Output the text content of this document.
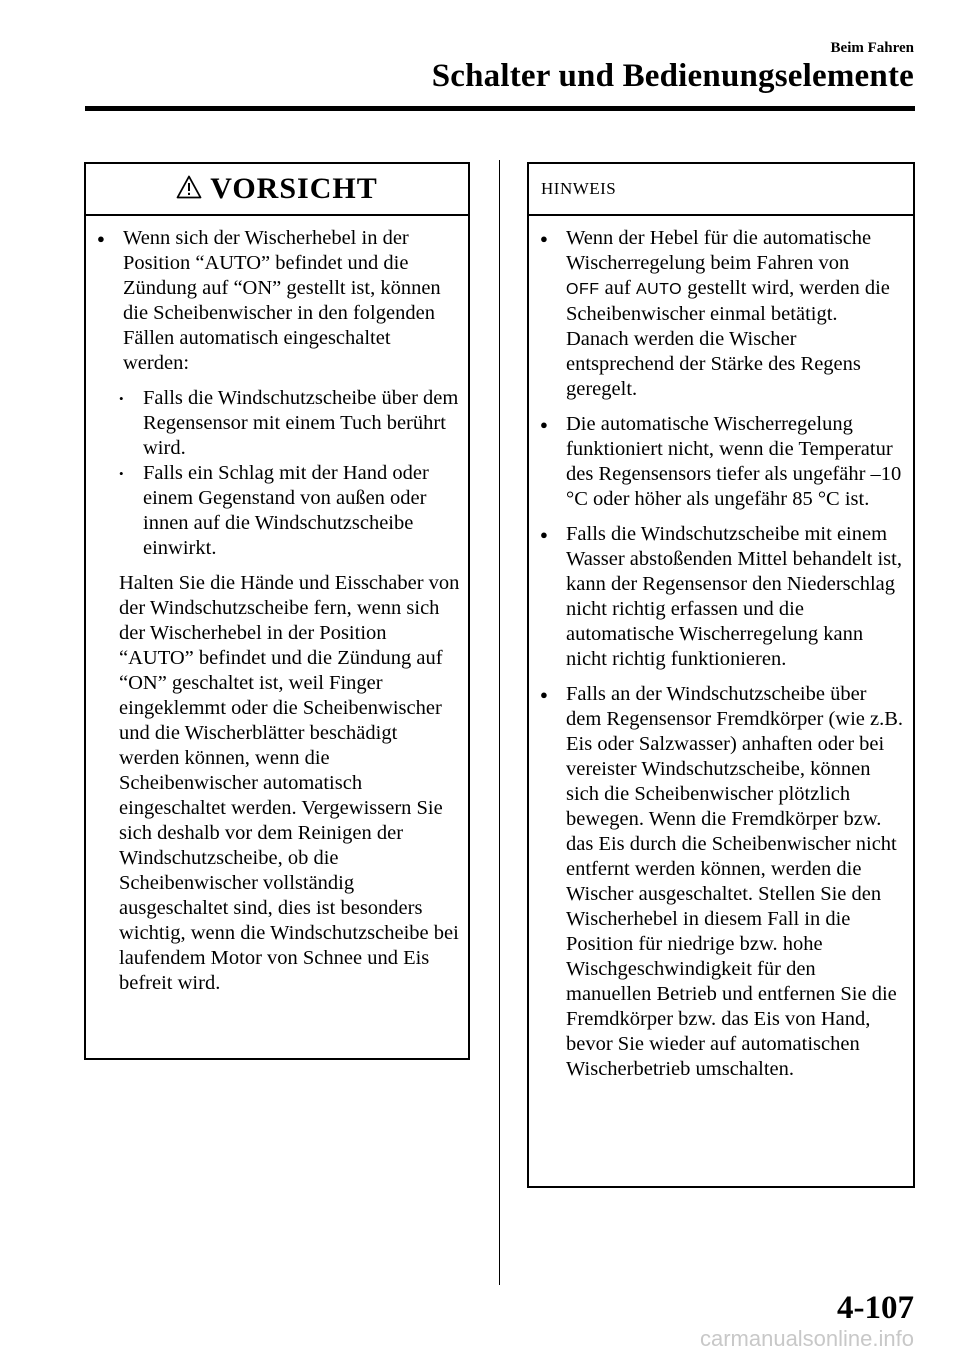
Beim Fahren
Schalter und Bedienungselemente
VORSICHT
● Wenn sich der Wischerhebel in der Position “AUTO” befindet und die Zündung auf “ON” gestellt ist, können die Scheibenwischer in den folgenden Fällen automatisch eingeschaltet werden:
• Falls die Windschutzscheibe über dem Regensensor mit einem Tuch berührt wird.
• Falls ein Schlag mit der Hand oder einem Gegenstand von außen oder innen auf die Windschutzscheibe einwirkt.
Halten Sie die Hände und Eisschaber von der Windschutzscheibe fern, wenn sich der Wischerhebel in der Position “AUTO” befindet und die Zündung auf “ON” geschaltet ist, weil Finger eingeklemmt oder die Scheibenwischer und die Wischerblätter beschädigt werden können, wenn die Scheibenwischer automatisch eingeschaltet werden. Vergewissern Sie sich deshalb vor dem Reinigen der Windschutzscheibe, ob die Scheibenwischer vollständig ausgeschaltet sind, dies ist besonders wichtig, wenn die Windschutzscheibe bei laufendem Motor von Schnee und Eis befreit wird.
HINWEIS
● Wenn der Hebel für die automatische Wischerregelung beim Fahren von
OFF auf AUTO gestellt wird, werden die Scheibenwischer einmal betätigt. Danach werden die Wischer entsprechend der Stärke des Regens geregelt.
● Die automatische Wischerregelung funktioniert nicht, wenn die Temperatur des Regensensors tiefer als ungefähr –10 °C oder höher als ungefähr 85 °C ist.
● Falls die Windschutzscheibe mit einem Wasser abstoßenden Mittel behandelt ist, kann der Regensensor den Niederschlag nicht richtig erfassen und die automatische Wischerregelung kann nicht richtig funktionieren.
● Falls an der Windschutzscheibe über dem Regensensor Fremdkörper (wie z.B. Eis oder Salzwasser) anhaften oder bei vereister Windschutzscheibe, können sich die Scheibenwischer plötzlich bewegen. Wenn die Fremdkörper bzw. das Eis durch die Scheibenwischer nicht entfernt werden können, werden die Wischer ausgeschaltet. Stellen Sie den Wischerhebel in diesem Fall in die Position für niedrige bzw. hohe Wischgeschwindigkeit für den manuellen Betrieb und entfernen Sie die Fremdkörper bzw. das Eis von Hand, bevor Sie wieder auf automatischen Wischerbetrieb umschalten.
4-107
carmanualsonline.info
